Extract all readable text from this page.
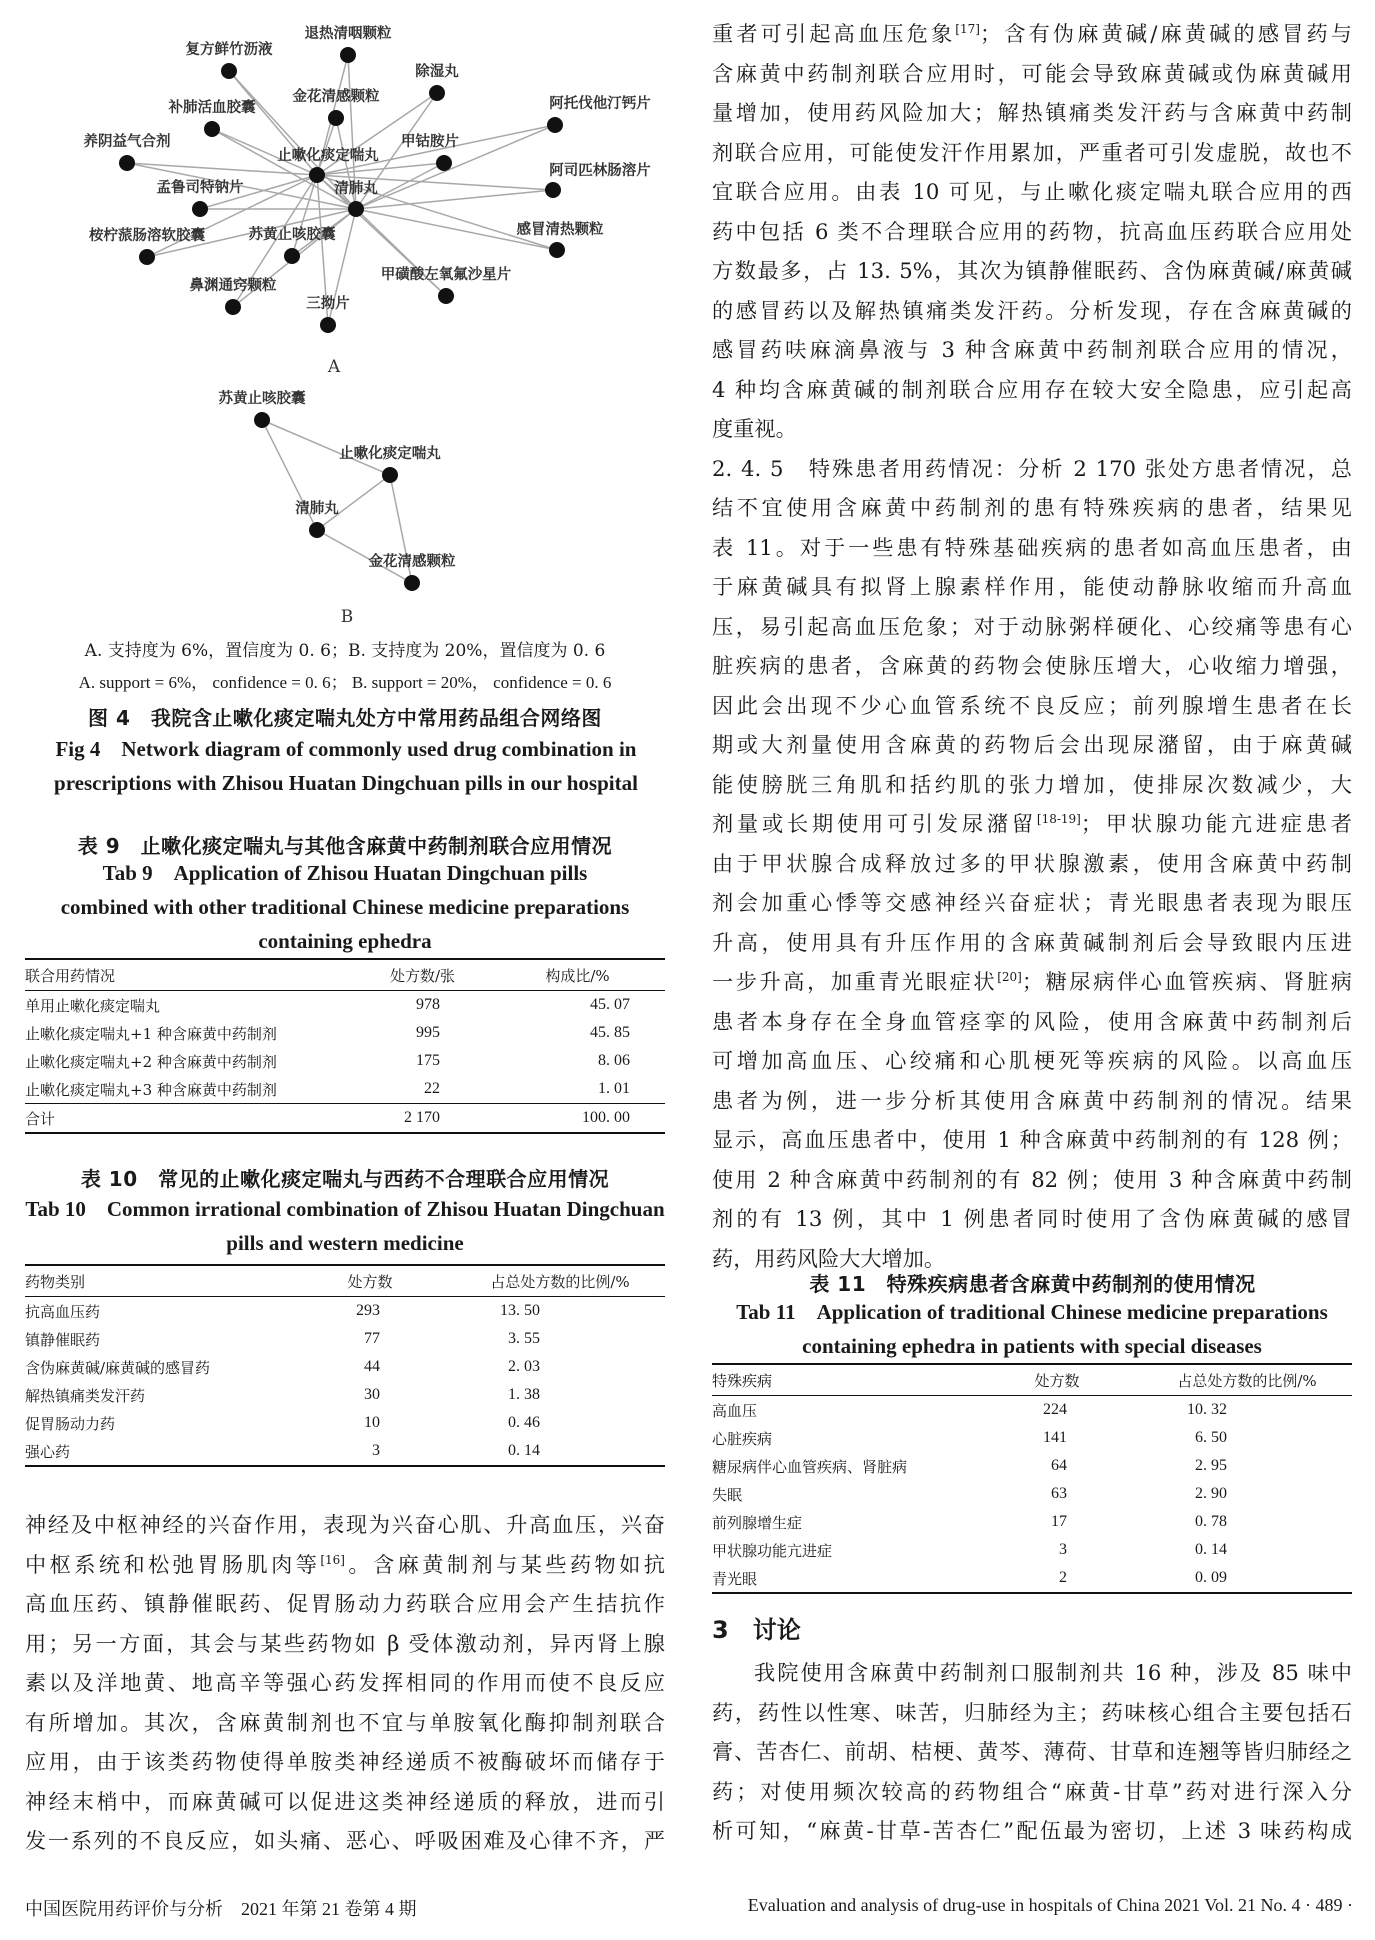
退热清咽颗粒
复方鲜竹沥液
除湿丸
金花清感颗粒
补肺活血胶囊	阿托伐他汀钙片
养阴益气合剂	甲钴胺片
止嗽化痰定喘丸
阿司匹林肠溶片
孟鲁司特钠片	清肺丸
桉柠蒎肠溶软胶囊	苏黄止咳胶囊	感冒清热颗粒
鼻渊通窍颗粒
甲磺酸左氧氟沙星片
三拗片
A
苏黄止咳胶囊
止嗽化痰定喘丸
清肺丸
金花清感颗粒
B
A. 支持度为 6%，置信度为 0. 6；B. 支持度为 20%，置信度为 0. 6
A. support = 6%， confidence = 0. 6； B. support = 20%， confidence = 0. 6
图 4　我院含止嗽化痰定喘丸处方中常用药品组合网络图
Fig 4　Network diagram of commonly used drug combination in prescriptions with Zhisou Huatan Dingchuan pills in our hospital
表 9　止嗽化痰定喘丸与其他含麻黄中药制剂联合应用情况
Tab 9　Application of Zhisou Huatan Dingchuan pills combined with other traditional Chinese medicine preparations containing ephedra
联合用药情况	处方数/张	构成比/%
单用止嗽化痰定喘丸	978	45. 07
止嗽化痰定喘丸+1 种含麻黄中药制剂	995	45. 85
止嗽化痰定喘丸+2 种含麻黄中药制剂	175	8. 06
止嗽化痰定喘丸+3 种含麻黄中药制剂	22	1. 01
合计	2 170	100. 00
表 10　常见的止嗽化痰定喘丸与西药不合理联合应用情况
Tab 10　Common irrational combination of Zhisou Huatan Dingchuan pills and western medicine
药物类别	处方数	占总处方数的比例/%
抗高血压药	293	13. 50
镇静催眠药	77	3. 55
含伪麻黄碱/麻黄碱的感冒药	44	2. 03
解热镇痛类发汗药	30	1. 38
促胃肠动力药	10	0. 46
强心药	3	0. 14
神经及中枢神经的兴奋作用，表现为兴奋心肌、升高血压，兴奋
中枢系统和松弛胃肠肌肉等[16]。含麻黄制剂与某些药物如抗
高血压药、镇静催眠药、促胃肠动力药联合应用会产生拮抗作
用；另一方面，其会与某些药物如 β 受体激动剂，异丙肾上腺
素以及洋地黄、地高辛等强心药发挥相同的作用而使不良反应
有所增加。其次，含麻黄制剂也不宜与单胺氧化酶抑制剂联合
应用，由于该类药物使得单胺类神经递质不被酶破坏而储存于
神经末梢中，而麻黄碱可以促进这类神经递质的释放，进而引
发一系列的不良反应，如头痛、恶心、呼吸困难及心律不齐，严
重者可引起高血压危象[17]；含有伪麻黄碱/麻黄碱的感冒药与
含麻黄中药制剂联合应用时，可能会导致麻黄碱或伪麻黄碱用
量增加，使用药风险加大；解热镇痛类发汗药与含麻黄中药制
剂联合应用，可能使发汗作用累加，严重者可引发虚脱，故也不
宜联合应用。由表 10 可见，与止嗽化痰定喘丸联合应用的西
药中包括 6 类不合理联合应用的药物，抗高血压药联合应用处
方数最多，占 13. 5%，其次为镇静催眠药、含伪麻黄碱/麻黄碱
的感冒药以及解热镇痛类发汗药。分析发现，存在含麻黄碱的
感冒药呋麻滴鼻液与 3 种含麻黄中药制剂联合应用的情况，
4 种均含麻黄碱的制剂联合应用存在较大安全隐患，应引起高
度重视。
2. 4. 5　特殊患者用药情况：分析 2 170 张处方患者情况，总
结不宜使用含麻黄中药制剂的患有特殊疾病的患者，结果见
表 11。对于一些患有特殊基础疾病的患者如高血压患者，由
于麻黄碱具有拟肾上腺素样作用，能使动静脉收缩而升高血
压，易引起高血压危象；对于动脉粥样硬化、心绞痛等患有心
脏疾病的患者，含麻黄的药物会使脉压增大，心收缩力增强，
因此会出现不少心血管系统不良反应；前列腺增生患者在长
期或大剂量使用含麻黄的药物后会出现尿潴留，由于麻黄碱
能使膀胱三角肌和括约肌的张力增加，使排尿次数减少，大
剂量或长期使用可引发尿潴留[18-19]；甲状腺功能亢进症患者
由于甲状腺合成释放过多的甲状腺激素，使用含麻黄中药制
剂会加重心悸等交感神经兴奋症状；青光眼患者表现为眼压
升高，使用具有升压作用的含麻黄碱制剂后会导致眼内压进
一步升高，加重青光眼症状[20]；糖尿病伴心血管疾病、肾脏病
患者本身存在全身血管痉挛的风险，使用含麻黄中药制剂后
可增加高血压、心绞痛和心肌梗死等疾病的风险。以高血压
患者为例，进一步分析其使用含麻黄中药制剂的情况。结果
显示，高血压患者中，使用 1 种含麻黄中药制剂的有 128 例；
使用 2 种含麻黄中药制剂的有 82 例；使用 3 种含麻黄中药制
剂的有 13 例，其中 1 例患者同时使用了含伪麻黄碱的感冒
药，用药风险大大增加。
表 11　特殊疾病患者含麻黄中药制剂的使用情况
Tab 11　Application of traditional Chinese medicine preparations containing ephedra in patients with special diseases
特殊疾病	处方数	占总处方数的比例/%
高血压	224	10. 32
心脏疾病	141	6. 50
糖尿病伴心血管疾病、肾脏病	64	2. 95
失眠	63	2. 90
前列腺增生症	17	0. 78
甲状腺功能亢进症	3	0. 14
青光眼	2	0. 09
3　讨论
我院使用含麻黄中药制剂口服制剂共 16 种，涉及 85 味中
药，药性以性寒、味苦，归肺经为主；药味核心组合主要包括石
膏、苦杏仁、前胡、桔梗、黄芩、薄荷、甘草和连翘等皆归肺经之
药；对使用频次较高的药物组合“麻黄-甘草”药对进行深入分
析可知，“麻黄-甘草-苦杏仁”配伍最为密切，上述 3 味药构成
中国医院用药评价与分析　2021 年第 21 卷第 4 期	Evaluation and analysis of drug-use in hospitals of China 2021 Vol. 21 No. 4 · 489 ·
